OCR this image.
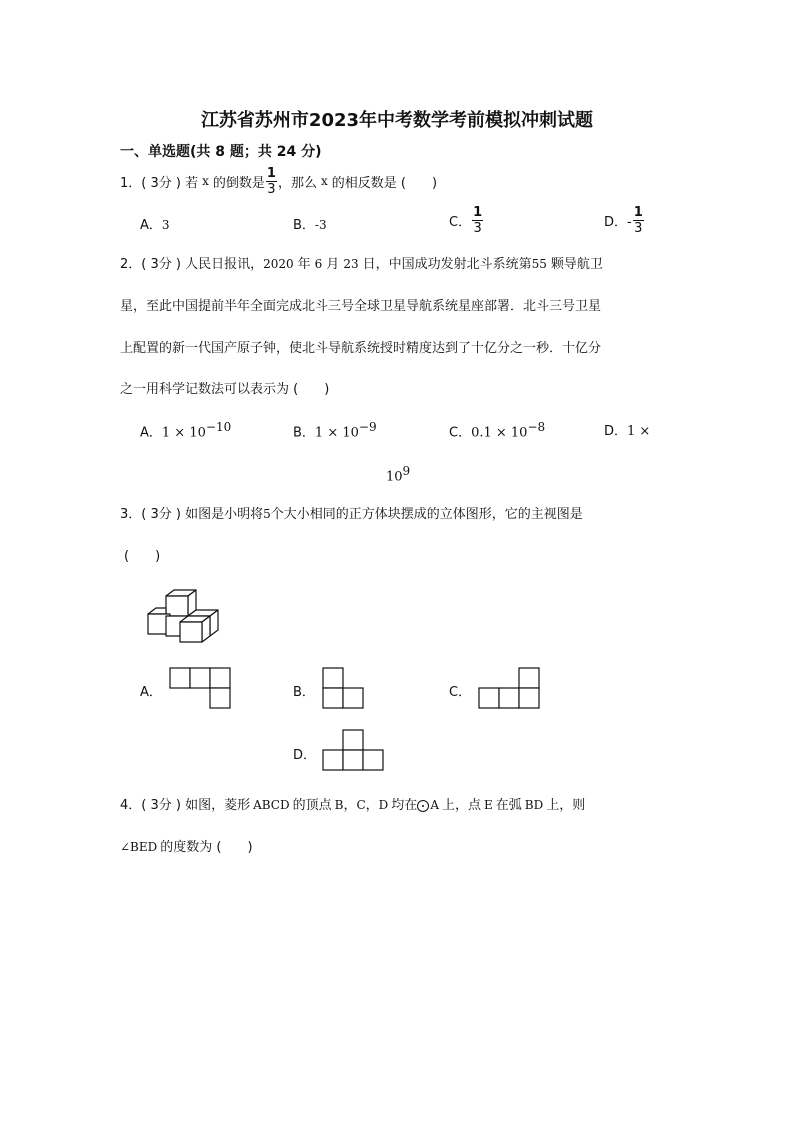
江苏省苏州市2023年中考数学考前模拟冲刺试题
一、单选题(共 8 题；共 24 分)
1．( 3分 ) 若 x 的倒数是 $\frac{1}{3}$ ，那么 x 的相反数是 (　　)
A．3	B．-3	C． $\frac{1}{3}$	D．- $\frac{1}{3}$
2．( 3分 ) 人民日报讯，2020 年 6 月 23 日，中国成功发射北斗系统第55 颗导航卫
星，至此中国提前半年全面完成北斗三号全球卫星导航系统星座部署．北斗三号卫星
上配置的新一代国产原子钟，使北斗导航系统授时精度达到了十亿分之一秒．十亿分
之一用科学记数法可以表示为 (　　)
A．$1 \times 10^{-10}$	B．$1 \times 10^{-9}$	C．$0.1 \times 10^{-8}$	D．1 ×
$10^9$
3．( 3分 ) 如图是小明将5个大小相同的正方体块摆成的立体图形，它的主视图是
(　　)
A．	B．	C．
D．
4．( 3分 ) 如图，菱形 ABCD 的顶点 B，C，D 均在 A 上，点 E 在弧 BD 上，则
∠BED 的度数为 (　　)
